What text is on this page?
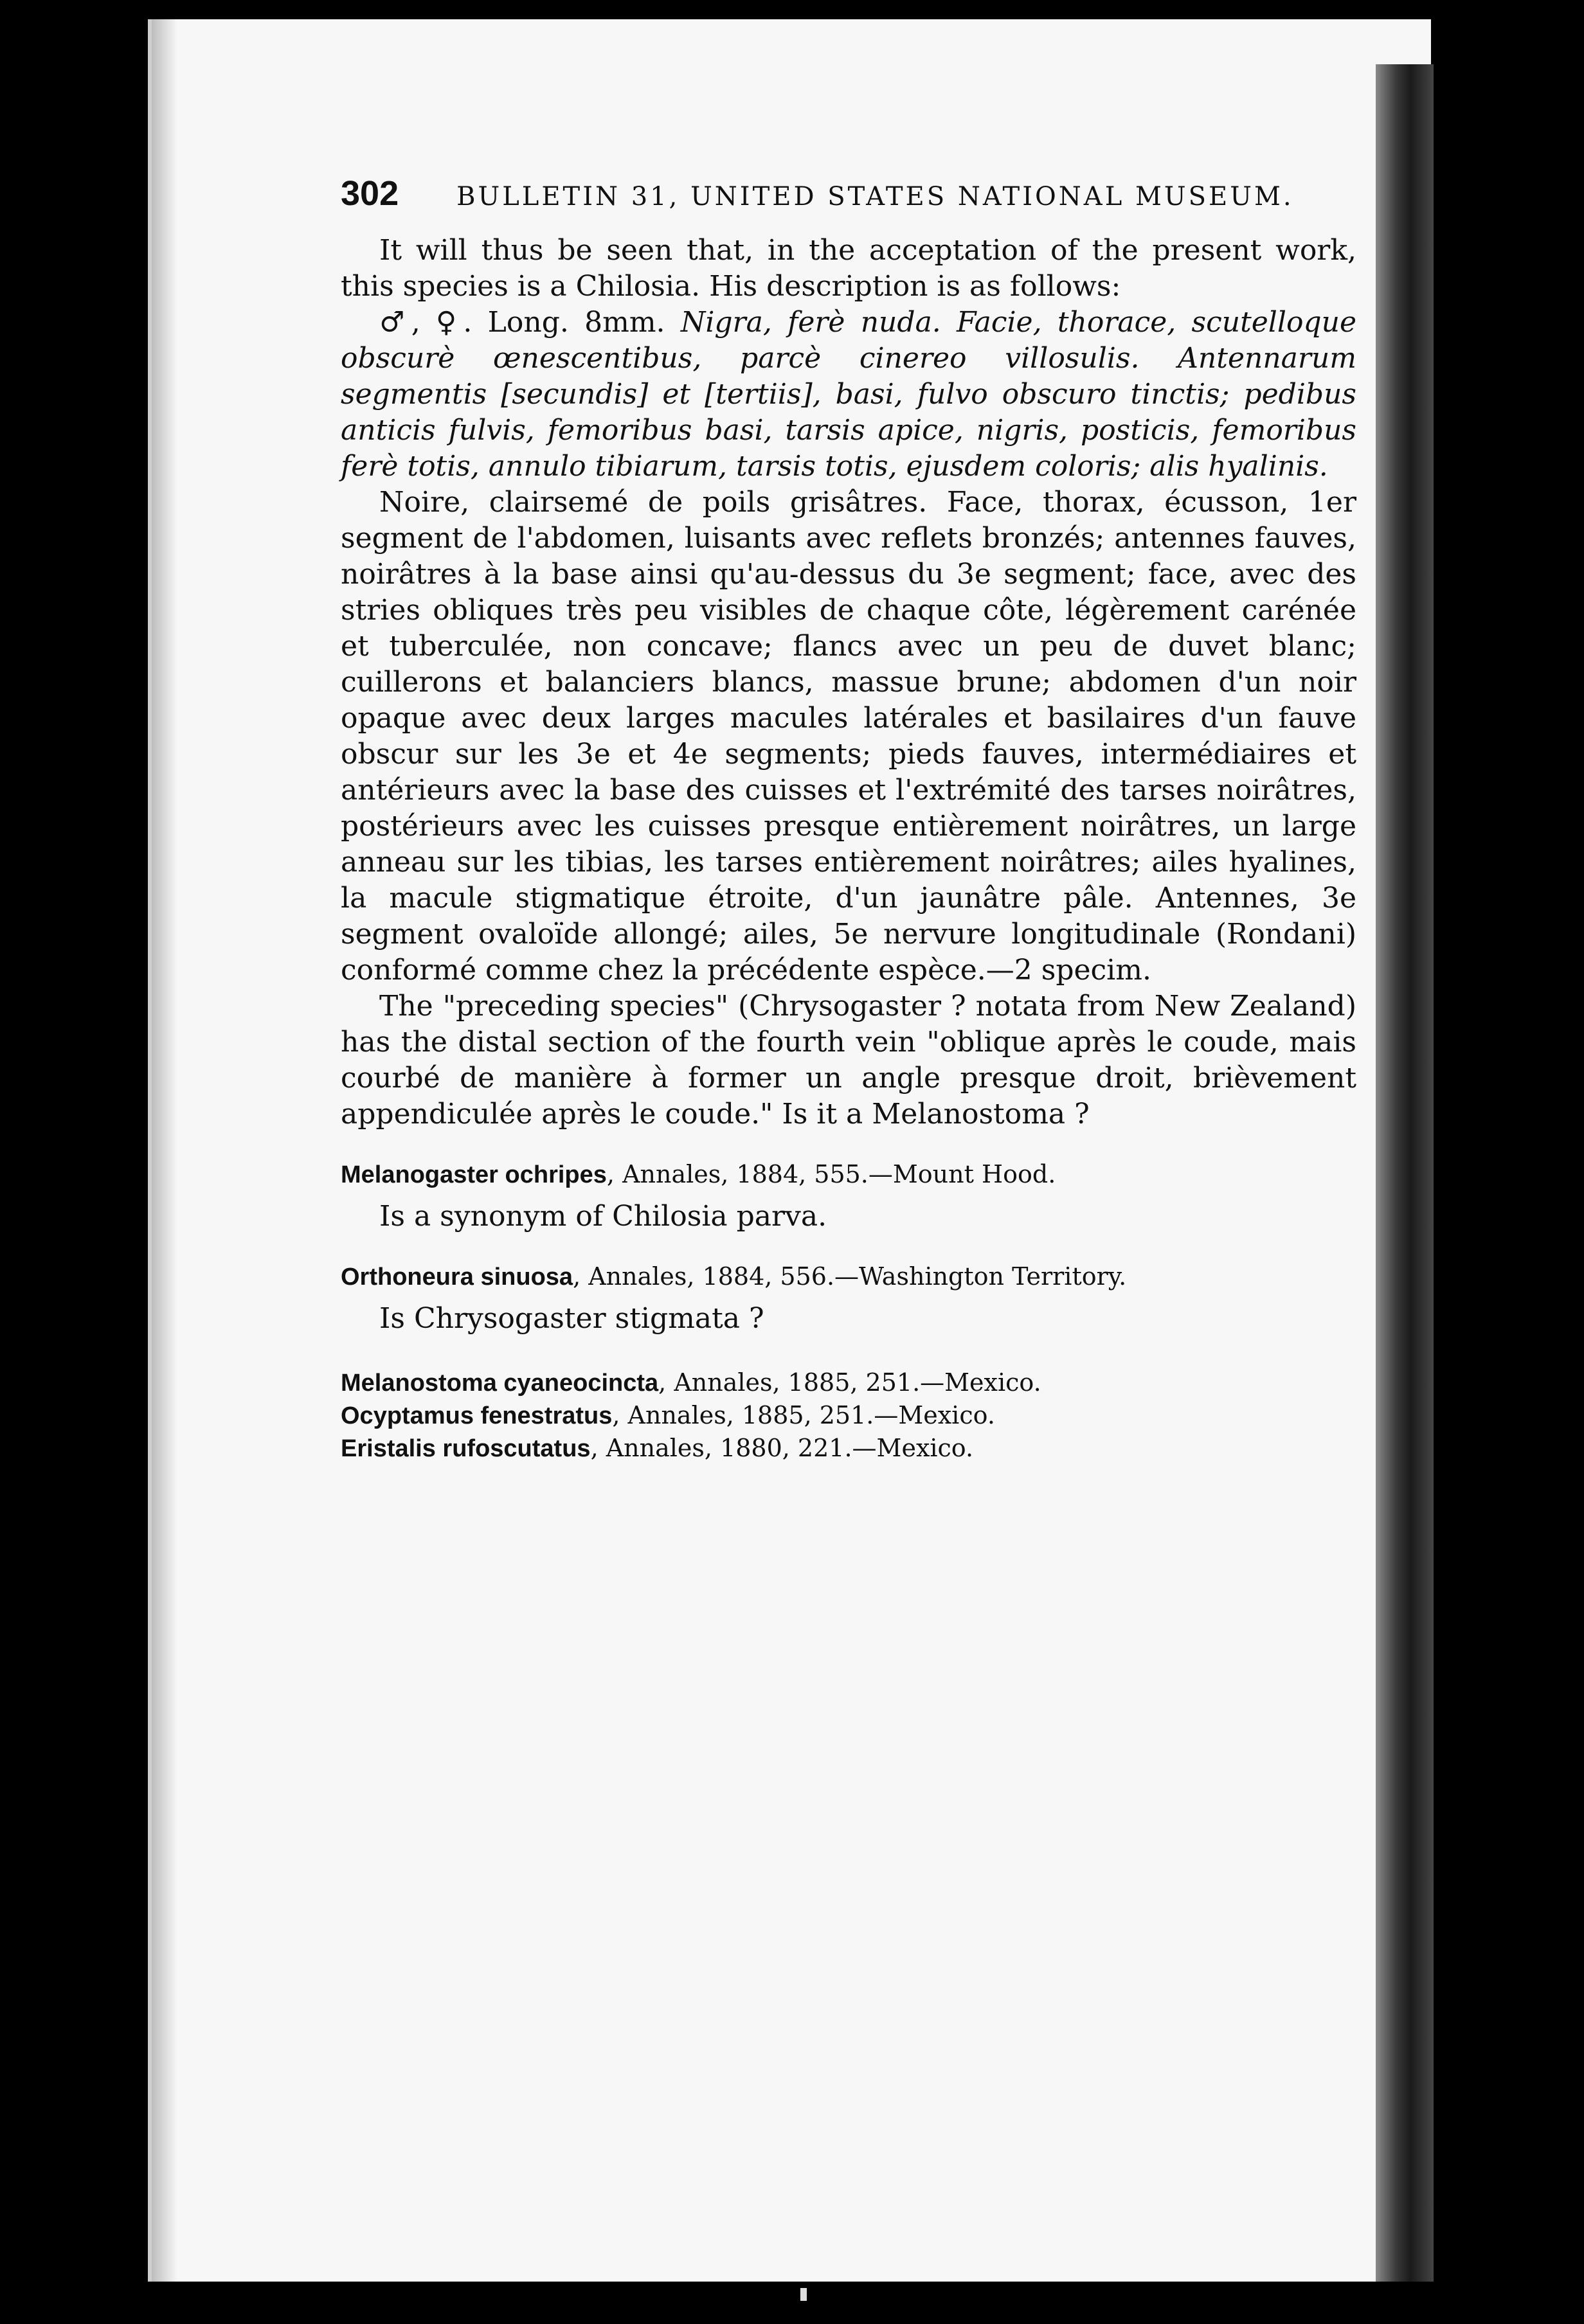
302 BULLETIN 31, UNITED STATES NATIONAL MUSEUM.

It will thus be seen that, in the acceptation of the present work, this species is a Chilosia. His description is as follows:

♂, ♀. Long. 8mm. Nigra, ferè nuda. Facie, thorace, scutelloque obscurè œnescentibus, parcè cinereo villosulis. Antennarum segmentis [secundis] et [tertiis], basi, fulvo obscuro tinctis; pedibus anticis fulvis, femoribus basi, tarsis apice, nigris, posticis, femoribus ferè totis, annulo tibiarum, tarsis totis, ejusdem coloris; alis hyalinis.

Noire, clairsemé de poils grisâtres. Face, thorax, écusson, 1er segment de l'abdomen, luisants avec reflets bronzés; antennes fauves, noirâtres à la base ainsi qu'au-dessus du 3e segment; face, avec des stries obliques très peu visibles de chaque côte, légèrement carénée et tuberculée, non concave; flancs avec un peu de duvet blanc; cuillerons et balanciers blancs, massue brune; abdomen d'un noir opaque avec deux larges macules latérales et basilaires d'un fauve obscur sur les 3e et 4e segments; pieds fauves, intermédiaires et antérieurs avec la base des cuisses et l'extrémité des tarses noirâtres, postérieurs avec les cuisses presque entièrement noirâtres, un large anneau sur les tibias, les tarses entièrement noirâtres; ailes hyalines, la macule stigmatique étroite, d'un jaunâtre pâle. Antennes, 3e segment ovaloïde allongé; ailes, 5e nervure longitudinale (Rondani) conformé comme chez la précédente espèce.—2 specim.

The "preceding species" (Chrysogaster ? notata from New Zealand) has the distal section of the fourth vein "oblique après le coude, mais courbé de manière à former un angle presque droit, brièvement appendiculée après le coude." Is it a Melanostoma ?

Melanogaster ochripes, Annales, 1884, 555.—Mount Hood.

Is a synonym of Chilosia parva.

Orthoneura sinuosa, Annales, 1884, 556.—Washington Territory.

Is Chrysogaster stigmata ?

Melanostoma cyaneocincta, Annales, 1885, 251.—Mexico.
Ocyptamus fenestratus, Annales, 1885, 251.—Mexico.
Eristalis rufoscutatus, Annales, 1880, 221.—Mexico.
